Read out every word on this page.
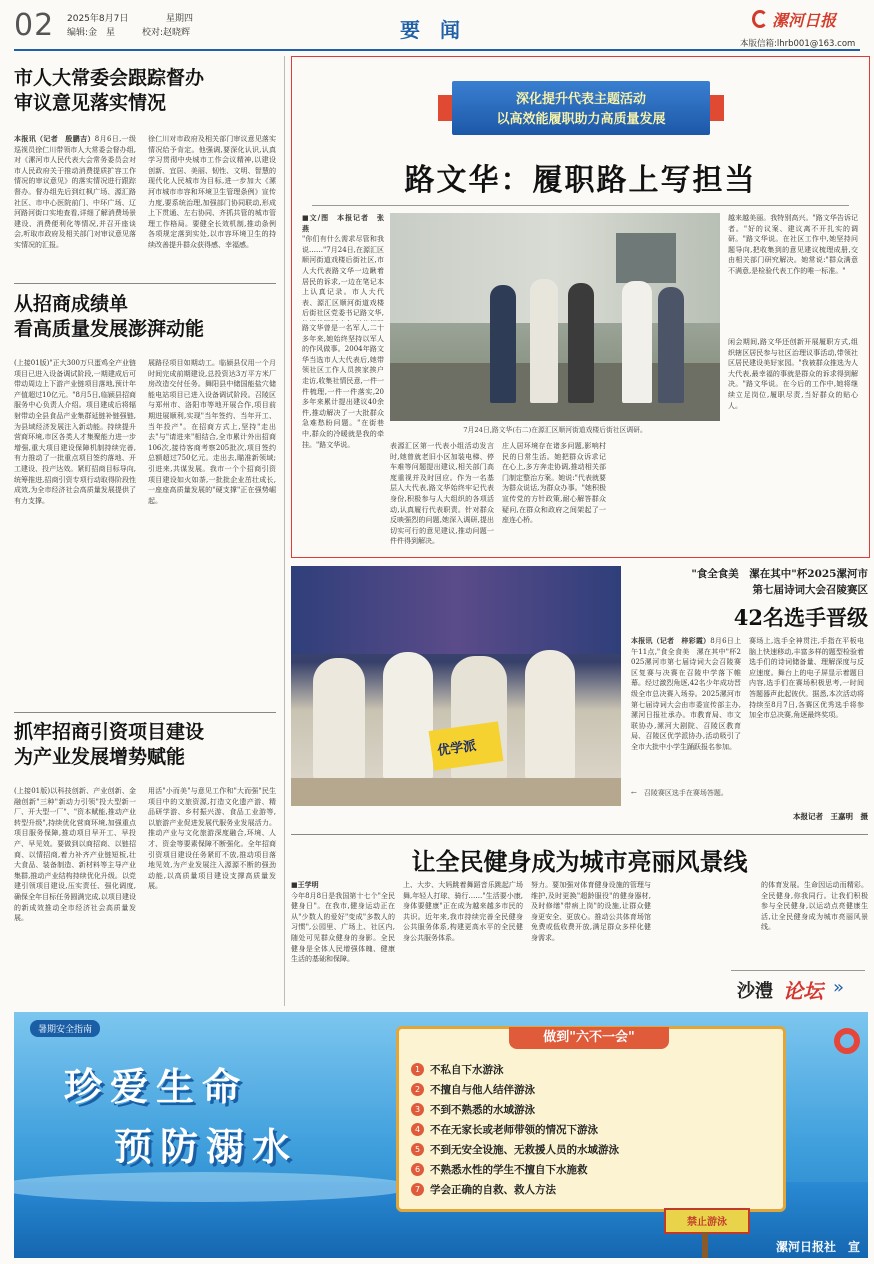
02 2025年8月7日	星期四
编辑:金　星	校对:赵晓辉	要　闻	漯河日报
本版信箱:lhrb001@163.com
市人大常委会跟踪督办
审议意见落实情况
本报讯（记者　殷鹏吉）8月6日,一级巡视员徐仁川带领市人大常委会督办组,对《漯河市人民代表大会常务委员会对市人民政府关于推动消费提质扩容工作情况的审议意见》的落实情况进行跟踪督办。督办组先后到红枫广场、源汇路社区、市中心医院前门、中环广场、辽河路河街口实地查看,详细了解消费场景建设、消费便利化等情况,并召开座谈会,听取市政府及相关部门对审议意见落实情况的汇报。
徐仁川对市政府及相关部门审议意见落实情况给予肯定。他强调,要深化认识,认真学习贯彻中央城市工作会议精神,以建设创新、宜居、美丽、韧性、文明、智慧的现代化人民城市为目标,进一步加大《漯河市城市市容和环境卫生管理条例》宣传力度,要系统治理,加强部门协同联动,形成上下贯通、左右协同、齐抓共管的城市管理工作格局。要健全长效机制,推动条例各项规定落到实处,以市容环境卫生的持续改善提升群众获得感、幸福感。
从招商成绩单
看高质量发展澎湃动能
(上接01版)"正大300万只蛋鸡全产业链项目已进入设备调试阶段,一期建成后可带动周边上下游产业链项目落地,预计年产值超过10亿元。"8月5日,临颍县招商服务中心负责人介绍。项目建成后将辐射带动全县食品产业集群延链补链强链,为县域经济发展注入新动能。持续提升营商环境,市区各类人才集聚能力进一步增强,重大项目建设保障机制持续完善,有力推动了一批重点项目签约落地、开工建设、投产达效。紧盯招商目标导向,统筹推进,招商引资专项行动取得阶段性成效,为全市经济社会高质量发展提供了有力支撑。
展路径项目如期动工。临颍县仅用一个月时间完成前期建设,总投资达3万平方米厂房改造交付任务。舞阳县中储国能盐穴储能电站项目已进入设备调试阶段。召陵区与郑州市、洛阳市等地开展合作,项目前期进展顺利,实现"当年签约、当年开工、当年投产"。在招商方式上,坚持"走出去"与"请进来"相结合,全市累计外出招商106次,接待客商考察205批次,项目签约总额超过750亿元。走出去,瞄准新领域;引进来,共谋发展。我市一个个招商引资项目建设如火如荼,一批批企业茁壮成长,一座座高质量发展的"硬支撑"正在强势崛起。
抓牢招商引资项目建设
为产业发展增势赋能
(上接01版)以科技创新、产业创新、金融创新"三种"新动力引领"投大型新一厂、开大型一厂"、"资本赋能,推动产业转型升级",持续优化营商环境,加强重点项目服务保障,推动项目早开工、早投产、早见效。要做到以商招商、以链招商、以情招商,着力补齐产业链短板,壮大食品、装备制造、新材料等主导产业集群,推动产业结构持续优化升级。以党建引领项目建设,压实责任、强化调度,确保全年目标任务圆满完成,以项目建设的新成效推动全市经济社会高质量发展。
用活"小而美"与意见工作和"大而强"民生项目中的文旅资源,打造文化遗产游、精品研学游、乡村振兴游、食品工业游等,以旅游产业促进发展代服务业发展活力。推动产业与文化旅游深度融合,环境、人才、资金等要素保障不断强化。全年招商引资项目建设任务紧盯不放,推动项目落地见效,为产业发展注入源源不断的强劲动能,以高质量项目建设支撑高质量发展。
深化提升代表主题活动
以高效能履职助力高质量发展
路文华：履职路上写担当
■文/图　本报记者　张　燕
"你们有什么需求尽管和我说……"7月24日,在源汇区顺河街道戏楼后街社区,市人大代表路文华一边瞅着居民的诉求,一边在笔记本上认真记录。市人大代表、源汇区顺河街道戏楼后街社区党委书记路文华,
路文华曾是一名军人,二十多年来,她始终坚持以军人的作风做事。2004年路文华当选市人大代表后,她带领社区工作人员挨家挨户走访,收集社情民意,一件一件梳理,一件一件落实,20多年来累计提出建议40余件,推动解决了一大批群众急难愁盼问题。"在街巷中,群众的冷暖就是我的牵挂。"路文华说。
7月24日,路文华(右二)在源汇区顺河街道戏楼后街社区调研。
表源汇区第一代表小组活动发言时,她曾就老旧小区加装电梯、停车难等问题提出建议,相关部门高度重视并及时回应。作为一名基层人大代表,路文华始终牢记代表身份,积极参与人大组织的各项活动,认真履行代表职责。针对群众反映强烈的问题,她深入调研,提出切实可行的意见建议,推动问题一件件得到解决。
庄人居环境存在诸多问题,影响村民的日常生活。她把群众诉求记在心上,多方奔走协调,推动相关部门制定整治方案。她说:"代表就要为群众说话,为群众办事。"她积极宣传党的方针政策,耐心解答群众疑问,在群众和政府之间架起了一座连心桥。
越来越美丽。我特别高兴。"路文华告诉记者。"好的议案、建议离不开扎实的调研。"路文华说。在社区工作中,她坚持问题导向,把收集到的意见建议梳理成册,交由相关部门研究解决。她常说:"群众满意不满意,是检验代表工作的唯一标准。"
闲会期间,路文华还创新开展履职方式,组织辖区居民参与社区治理议事活动,带领社区居民建设美好家园。"我被群众推选为人大代表,最幸福的事就是群众的诉求得到解决。"路文华说。在今后的工作中,她将继续立足岗位,履职尽责,当好群众的贴心人。
"食全食美　漯在其中"杯2025漯河市
第七届诗词大会召陵赛区
42名选手晋级
优学派
本报讯（记者　梓彩霞）8月6日上午11点,"食全食美　漯在其中"杯2025漯河市第七届诗词大会召陵赛区复赛与决赛在召陵中学落下帷幕。经过激烈角逐,42名少年成功晋级全市总决赛入场券。2025漯河市第七届诗词大会由市委宣传部主办,漯河日报社承办。市教育局、市文联协办,漯河大剧院、召陵区教育局、召陵区优学派协办,活动吸引了全市大批中小学生踊跃报名参加。
赛场上,选手全神贯注,手指在平板电脑上快速移动,丰富多样的题型检验着选手们的诗词储备量、理解深度与反应速度。舞台上的电子屏显示着题目内容,选手们在赛场积极思考,一时间答题器声此起彼伏。据悉,本次活动将持续至8月7日,各赛区优秀选手将参加全市总决赛,角逐最终奖项。
←　召陵赛区选手在赛场答题。
本报记者　王嘉明　摄
让全民健身成为城市亮丽风景线
■王学明
今年8月8日是我国第十七个"全民健身日"。在我市,健身运动正在从"少数人的爱好"变成"多数人的习惯",公园里、广场上、社区内,随处可见群众健身的身影。全民健身是全体人民增强体魄、健康生活的基础和保障。
上、大步、大妈跳着舞蹈音乐跳起广场舞,年轻人打球、骑行……"生活要小康,身体要健康"正在成为越来越多市民的共识。近年来,我市持续完善全民健身公共服务体系,构建更高水平的全民健身公共服务体系。
努力。要加强对体育健身设施的管理与维护,及时更换"超龄服役"的健身器材,及时修缮"带病上岗"的设施,让群众健身更安全、更放心。推动公共体育场馆免费或低收费开放,满足群众多样化健身需求。
的体育发展。生命因运动而精彩。全民健身,你我同行。让我们积极参与全民健身,以运动点亮健康生活,让全民健身成为城市亮丽风景线。
沙澧 论坛 »
暑期安全指南
珍爱生命
预防溺水
做到"六不一会"
1 不私自下水游泳
2 不擅自与他人结伴游泳
3 不到不熟悉的水域游泳
4 不在无家长或老师带领的情况下游泳
5 不到无安全设施、无救援人员的水域游泳
6 不熟悉水性的学生不擅自下水施救
7 学会正确的自救、救人方法
禁止游泳
漯河日报社　宣
